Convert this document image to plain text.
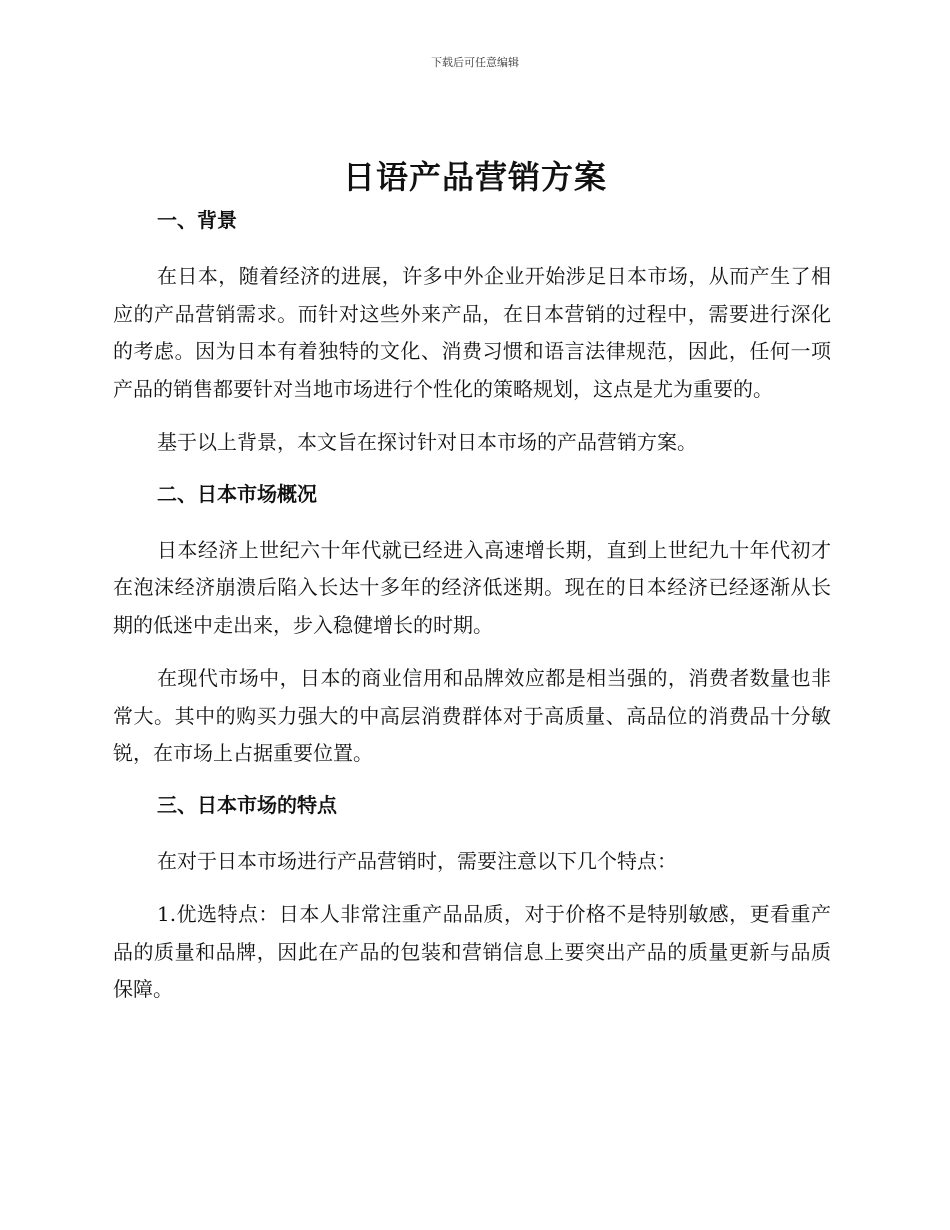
下载后可任意编辑
日语产品营销方案
一、背景

在日本，随着经济的进展，许多中外企业开始涉足日本市场，从而产生了相应的产品营销需求。而针对这些外来产品，在日本营销的过程中，需要进行深化的考虑。因为日本有着独特的文化、消费习惯和语言法律规范，因此，任何一项产品的销售都要针对当地市场进行个性化的策略规划，这点是尤为重要的。

基于以上背景，本文旨在探讨针对日本市场的产品营销方案。

二、日本市场概况

日本经济上世纪六十年代就已经进入高速增长期，直到上世纪九十年代初才在泡沫经济崩溃后陷入长达十多年的经济低迷期。现在的日本经济已经逐渐从长期的低迷中走出来，步入稳健增长的时期。

在现代市场中，日本的商业信用和品牌效应都是相当强的，消费者数量也非常大。其中的购买力强大的中高层消费群体对于高质量、高品位的消费品十分敏锐，在市场上占据重要位置。

三、日本市场的特点

在对于日本市场进行产品营销时，需要注意以下几个特点：

1.优选特点：日本人非常注重产品品质，对于价格不是特别敏感，更看重产品的质量和品牌，因此在产品的包装和营销信息上要突出产品的质量更新与品质保障。
